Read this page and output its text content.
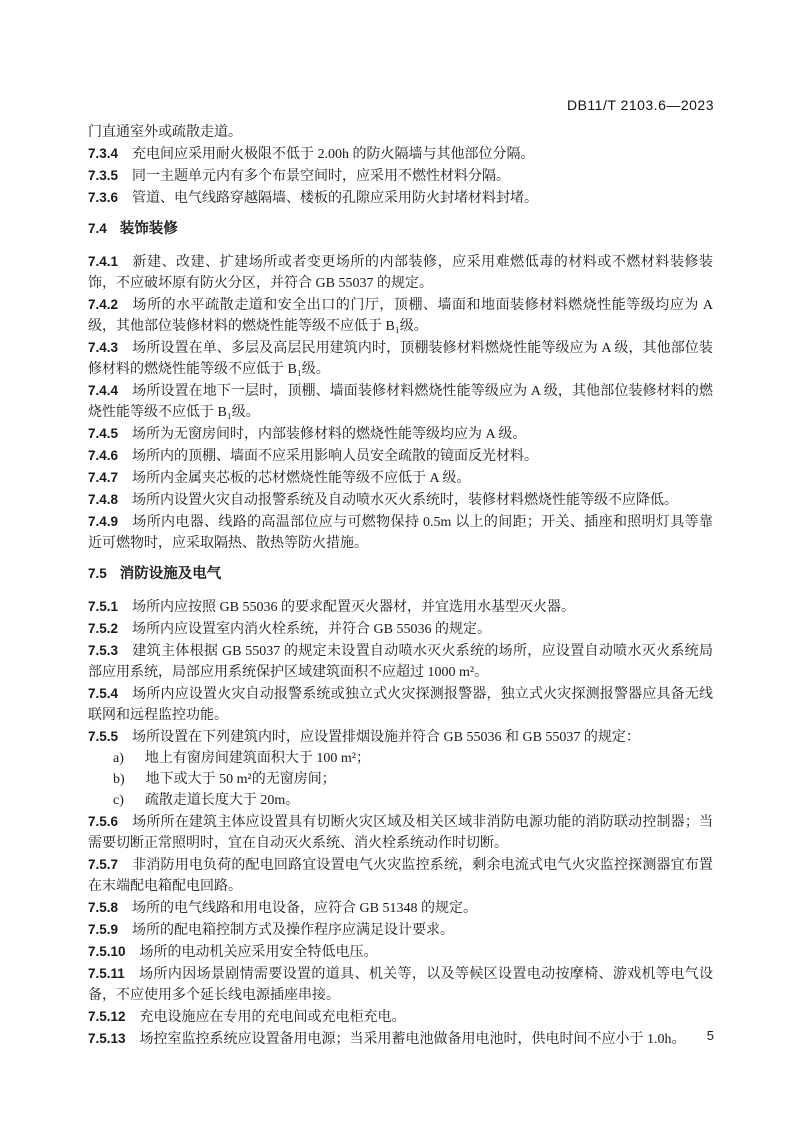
DB11/T 2103.6—2023

门直通室外或疏散走道。

7.3.4 充电间应采用耐火极限不低于 2.00h 的防火隔墙与其他部位分隔。

7.3.5 同一主题单元内有多个布景空间时，应采用不燃性材料分隔。

7.3.6 管道、电气线路穿越隔墙、楼板的孔隙应采用防火封堵材料封堵。

7.4 装饰装修

7.4.1 新建、改建、扩建场所或者变更场所的内部装修，应采用难燃低毒的材料或不燃材料装修装饰，不应破坏原有防火分区，并符合 GB 55037 的规定。

7.4.2 场所的水平疏散走道和安全出口的门厅，顶棚、墙面和地面装修材料燃烧性能等级均应为 A 级，其他部位装修材料的燃烧性能等级不应低于 B₁级。

7.4.3 场所设置在单、多层及高层民用建筑内时，顶棚装修材料燃烧性能等级应为 A 级，其他部位装修材料的燃烧性能等级不应低于 B₁级。

7.4.4 场所设置在地下一层时，顶棚、墙面装修材料燃烧性能等级应为 A 级，其他部位装修材料的燃烧性能等级不应低于 B₁级。

7.4.5 场所为无窗房间时，内部装修材料的燃烧性能等级均应为 A 级。

7.4.6 场所内的顶棚、墙面不应采用影响人员安全疏散的镜面反光材料。

7.4.7 场所内金属夹芯板的芯材燃烧性能等级不应低于 A 级。

7.4.8 场所内设置火灾自动报警系统及自动喷水灭火系统时，装修材料燃烧性能等级不应降低。

7.4.9 场所内电器、线路的高温部位应与可燃物保持 0.5m 以上的间距；开关、插座和照明灯具等靠近可燃物时，应采取隔热、散热等防火措施。

7.5 消防设施及电气

7.5.1 场所内应按照 GB 55036 的要求配置灭火器材，并宜选用水基型灭火器。

7.5.2 场所内应设置室内消火栓系统，并符合 GB 55036 的规定。

7.5.3 建筑主体根据 GB 55037 的规定未设置自动喷水灭火系统的场所，应设置自动喷水灭火系统局部应用系统，局部应用系统保护区域建筑面积不应超过 1000 m²。

7.5.4 场所内应设置火灾自动报警系统或独立式火灾探测报警器，独立式火灾探测报警器应具备无线联网和远程监控功能。

7.5.5 场所设置在下列建筑内时，应设置排烟设施并符合 GB 55036 和 GB 55037 的规定：

a) 地上有窗房间建筑面积大于 100 m²；

b) 地下或大于 50 m²的无窗房间；

c) 疏散走道长度大于 20m。

7.5.6 场所所在建筑主体应设置具有切断火灾区域及相关区域非消防电源功能的消防联动控制器；当需要切断正常照明时，宜在自动灭火系统、消火栓系统动作时切断。

7.5.7 非消防用电负荷的配电回路宜设置电气火灾监控系统，剩余电流式电气火灾监控探测器宜布置在末端配电箱配电回路。

7.5.8 场所的电气线路和用电设备，应符合 GB 51348 的规定。

7.5.9 场所的配电箱控制方式及操作程序应满足设计要求。

7.5.10 场所的电动机关应采用安全特低电压。

7.5.11 场所内因场景剧情需要设置的道具、机关等，以及等候区设置电动按摩椅、游戏机等电气设备，不应使用多个延长线电源插座串接。

7.5.12 充电设施应在专用的充电间或充电柜充电。

7.5.13 场控室监控系统应设置备用电源；当采用蓄电池做备用电池时，供电时间不应小于 1.0h。	5
